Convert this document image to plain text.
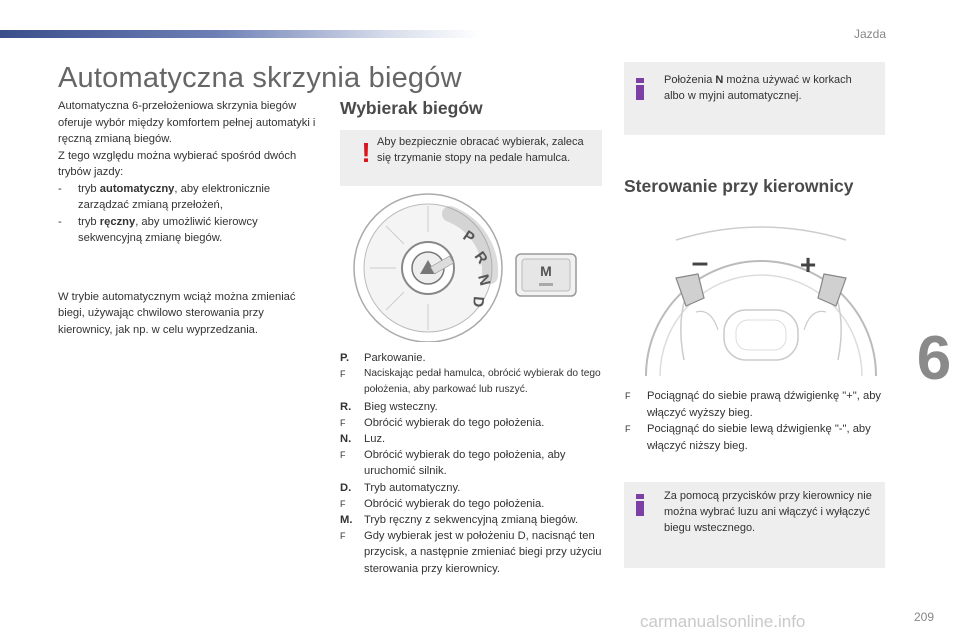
Jazda
Automatyczna skrzynia biegów

Automatyczna 6-przełożeniowa skrzynia biegów oferuje wybór między komfortem pełnej automatyki i ręczną zmianą biegów.

Z tego względu można wybierać spośród dwóch trybów jazdy:

- tryb automatyczny, aby elektronicznie zarządzać zmianą przełożeń,
- tryb ręczny, aby umożliwić kierowcy sekwencyjną zmianę biegów.

W trybie automatycznym wciąż można zmieniać biegi, używając chwilowo sterowania przy kierownicy, jak np. w celu wyprzedzania.

Wybierak biegów
! Aby bezpiecznie obracać wybierak, zaleca się trzymanie stopy na pedale hamulca.
P
R
N
D
M
P. Parkowanie.
F Naciskając pedał hamulca, obrócić wybierak do tego położenia, aby parkować lub ruszyć.
R. Bieg wsteczny.
F Obrócić wybierak do tego położenia.
N. Luz.
F Obrócić wybierak do tego położenia, aby uruchomić silnik.
D. Tryb automatyczny.
F Obrócić wybierak do tego położenia.
M. Tryb ręczny z sekwencyjną zmianą biegów.
F Gdy wybierak jest w położeniu D, nacisnąć ten przycisk, a następnie zmieniać biegi przy użyciu sterowania przy kierownicy.
Położenia N można używać w korkach albo w myjni automatycznej.
Sterowanie przy kierownicy
–	+
F Pociągnąć do siebie prawą dźwigienkę "+", aby włączyć wyższy bieg.
F Pociągnąć do siebie lewą dźwigienkę "-", aby włączyć niższy bieg.
Za pomocą przycisków przy kierownicy nie można wybrać luzu ani włączyć i wyłączyć biegu wstecznego.
6
209
carmanualsonline.info
